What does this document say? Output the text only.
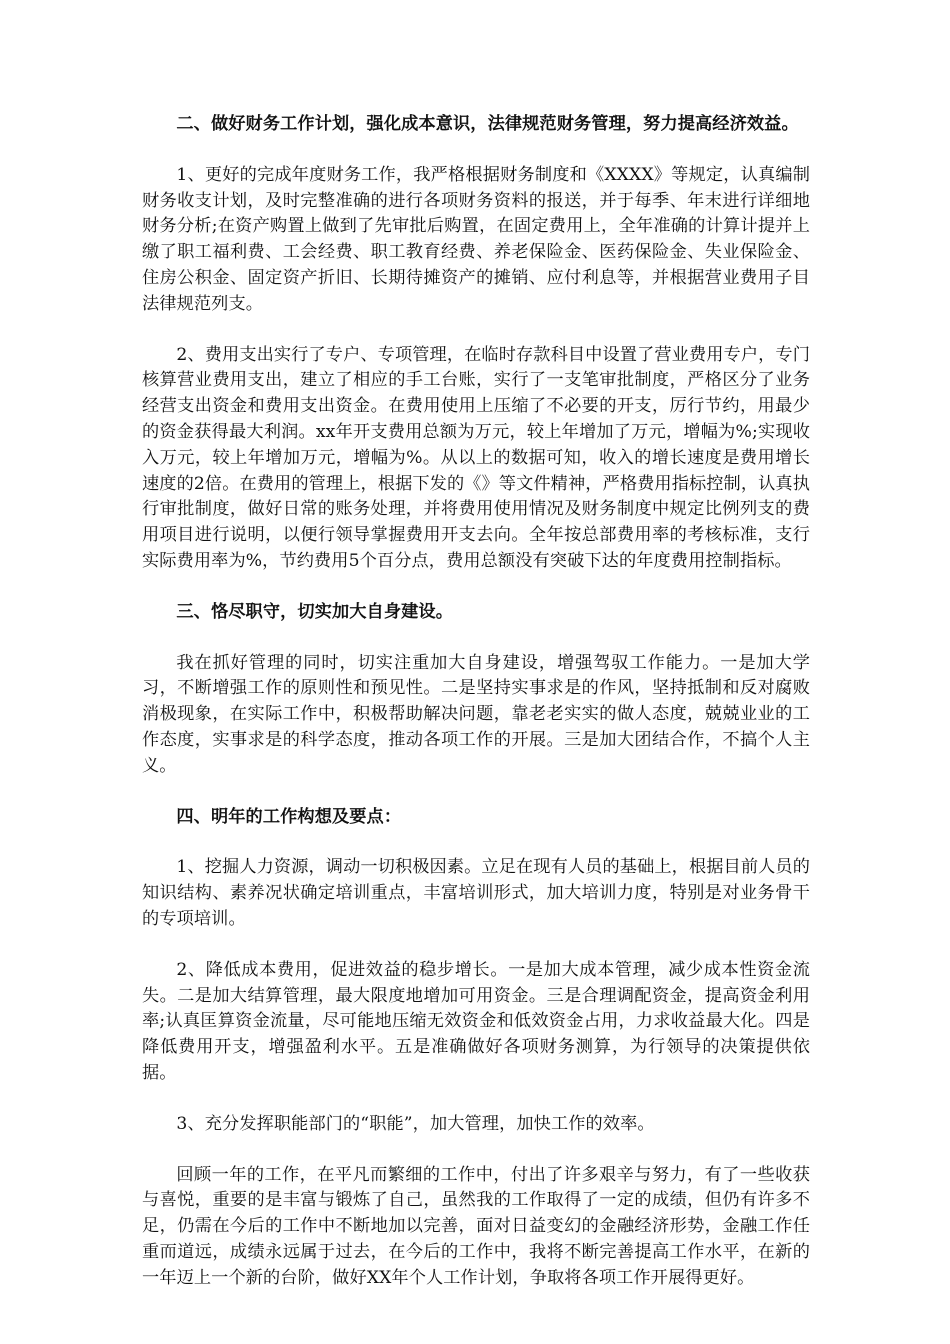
二、做好财务工作计划，强化成本意识，法律规范财务管理，努力提高经济效益。

1、更好的完成年度财务工作，我严格根据财务制度和《XXXX》等规定，认真编制财务收支计划，及时完整准确的进行各项财务资料的报送，并于每季、年末进行详细地财务分析;在资产购置上做到了先审批后购置，在固定费用上，全年准确的计算计提并上缴了职工福利费、工会经费、职工教育经费、养老保险金、医药保险金、失业保险金、住房公积金、固定资产折旧、长期待摊资产的摊销、应付利息等，并根据营业费用子目法律规范列支。

2、费用支出实行了专户、专项管理，在临时存款科目中设置了营业费用专户，专门核算营业费用支出，建立了相应的手工台账，实行了一支笔审批制度，严格区分了业务经营支出资金和费用支出资金。在费用使用上压缩了不必要的开支，厉行节约，用最少的资金获得最大利润。xx年开支费用总额为万元，较上年增加了万元，增幅为%;实现收入万元，较上年增加万元，增幅为%。从以上的数据可知，收入的增长速度是费用增长速度的2倍。在费用的管理上，根据下发的《》等文件精神，严格费用指标控制，认真执行审批制度，做好日常的账务处理，并将费用使用情况及财务制度中规定比例列支的费用项目进行说明，以便行领导掌握费用开支去向。全年按总部费用率的考核标准，支行实际费用率为%，节约费用5个百分点，费用总额没有突破下达的年度费用控制指标。

三、恪尽职守，切实加大自身建设。

我在抓好管理的同时，切实注重加大自身建设，增强驾驭工作能力。一是加大学习，不断增强工作的原则性和预见性。二是坚持实事求是的作风，坚持抵制和反对腐败消极现象，在实际工作中，积极帮助解决问题，靠老老实实的做人态度，兢兢业业的工作态度，实事求是的科学态度，推动各项工作的开展。三是加大团结合作，不搞个人主义。

四、明年的工作构想及要点：

1、挖掘人力资源，调动一切积极因素。立足在现有人员的基础上，根据目前人员的知识结构、素养况状确定培训重点，丰富培训形式，加大培训力度，特别是对业务骨干的专项培训。

2、降低成本费用，促进效益的稳步增长。一是加大成本管理，减少成本性资金流失。二是加大结算管理，最大限度地增加可用资金。三是合理调配资金，提高资金利用率;认真匡算资金流量，尽可能地压缩无效资金和低效资金占用，力求收益最大化。四是降低费用开支，增强盈利水平。五是准确做好各项财务测算，为行领导的决策提供依据。

3、充分发挥职能部门的“职能”，加大管理，加快工作的效率。

回顾一年的工作，在平凡而繁细的工作中，付出了许多艰辛与努力，有了一些收获与喜悦，重要的是丰富与锻炼了自己，虽然我的工作取得了一定的成绩，但仍有许多不足，仍需在今后的工作中不断地加以完善，面对日益变幻的金融经济形势，金融工作任重而道远，成绩永远属于过去，在今后的工作中，我将不断完善提高工作水平，在新的一年迈上一个新的台阶，做好XX年个人工作计划，争取将各项工作开展得更好。
